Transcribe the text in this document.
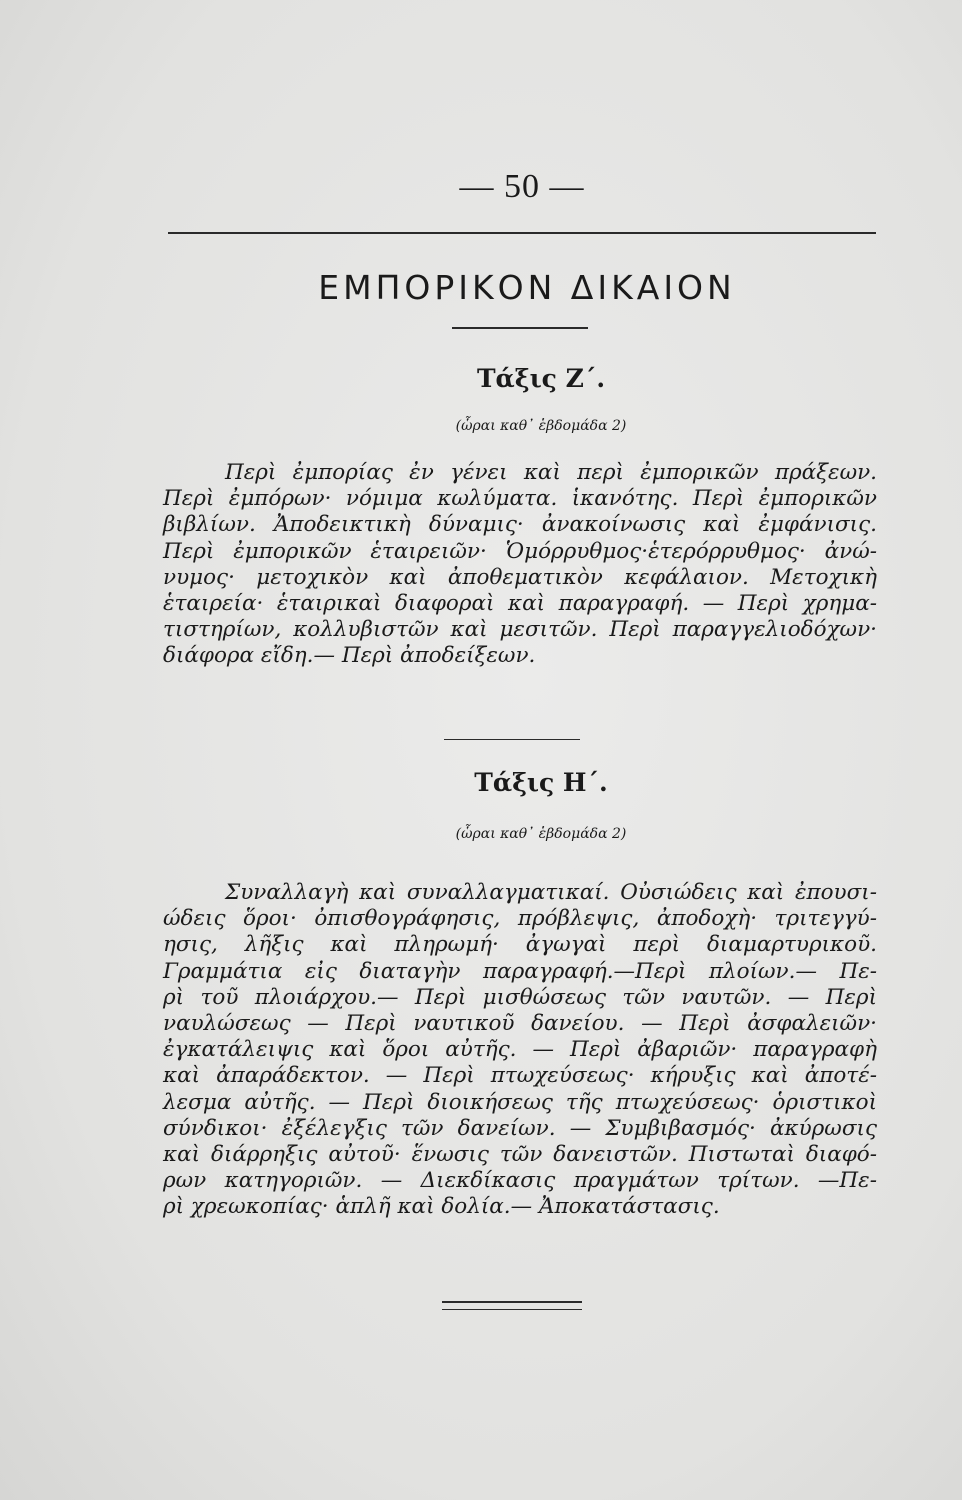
— 50 —
ΕΜΠΟΡΙΚΟΝ ΔΙΚΑΙΟΝ
Τάξις Ζ΄.
(ὧραι καθ᾿ ἑβδομάδα 2)
Περὶ ἐμπορίας ἐν γένει καὶ περὶ ἐμπορικῶν πράξεων.
Περὶ ἐμπόρων· νόμιμα κωλύματα. ἱκανότης. Περὶ ἐμπορικῶν
βιβλίων. Ἀποδεικτικὴ δύναμις· ἀνακοίνωσις καὶ ἐμφάνισις.
Περὶ ἐμπορικῶν ἑταιρειῶν· Ὁμόρρυθμος·ἑτερόρρυθμος· ἀνώ-
νυμος· μετοχικὸν καὶ ἀποθεματικὸν κεφάλαιον. Μετοχικὴ
ἑταιρεία· ἑταιρικαὶ διαφοραὶ καὶ παραγραφή. — Περὶ χρημα-
τιστηρίων, κολλυβιστῶν καὶ μεσιτῶν. Περὶ παραγγελιοδόχων·
διάφορα εἴδη.— Περὶ ἀποδείξεων.
Τάξις Η΄.
(ὧραι καθ᾿ ἑβδομάδα 2)
Συναλλαγὴ καὶ συναλλαγματικαί. Οὐσιώδεις καὶ ἐπουσι-
ώδεις ὅροι· ὀπισθογράφησις, πρόβλεψις, ἀποδοχὴ· τριτεγγύ-
ησις, λῆξις καὶ πληρωμή· ἀγωγαὶ περὶ διαμαρτυρικοῦ.
Γραμμάτια εἰς διαταγὴν παραγραφή.—Περὶ πλοίων.— Πε-
ρὶ τοῦ πλοιάρχου.— Περὶ μισθώσεως τῶν ναυτῶν. — Περὶ
ναυλώσεως — Περὶ ναυτικοῦ δανείου. — Περὶ ἀσφαλειῶν·
ἐγκατάλειψις καὶ ὅροι αὐτῆς. — Περὶ ἀβαριῶν· παραγραφὴ
καὶ ἀπαράδεκτον. — Περὶ πτωχεύσεως· κήρυξις καὶ ἀποτέ-
λεσμα αὐτῆς. — Περὶ διοικήσεως τῆς πτωχεύσεως· ὁριστικοὶ
σύνδικοι· ἐξέλεγξις τῶν δανείων. — Συμβιβασμός· ἀκύρωσις
καὶ διάρρηξις αὐτοῦ· ἕνωσις τῶν δανειστῶν. Πιστωταὶ διαφό-
ρων κατηγοριῶν. — Διεκδίκασις πραγμάτων τρίτων. —Πε-
ρὶ χρεωκοπίας· ἁπλῆ καὶ δολία.— Ἀποκατάστασις.
